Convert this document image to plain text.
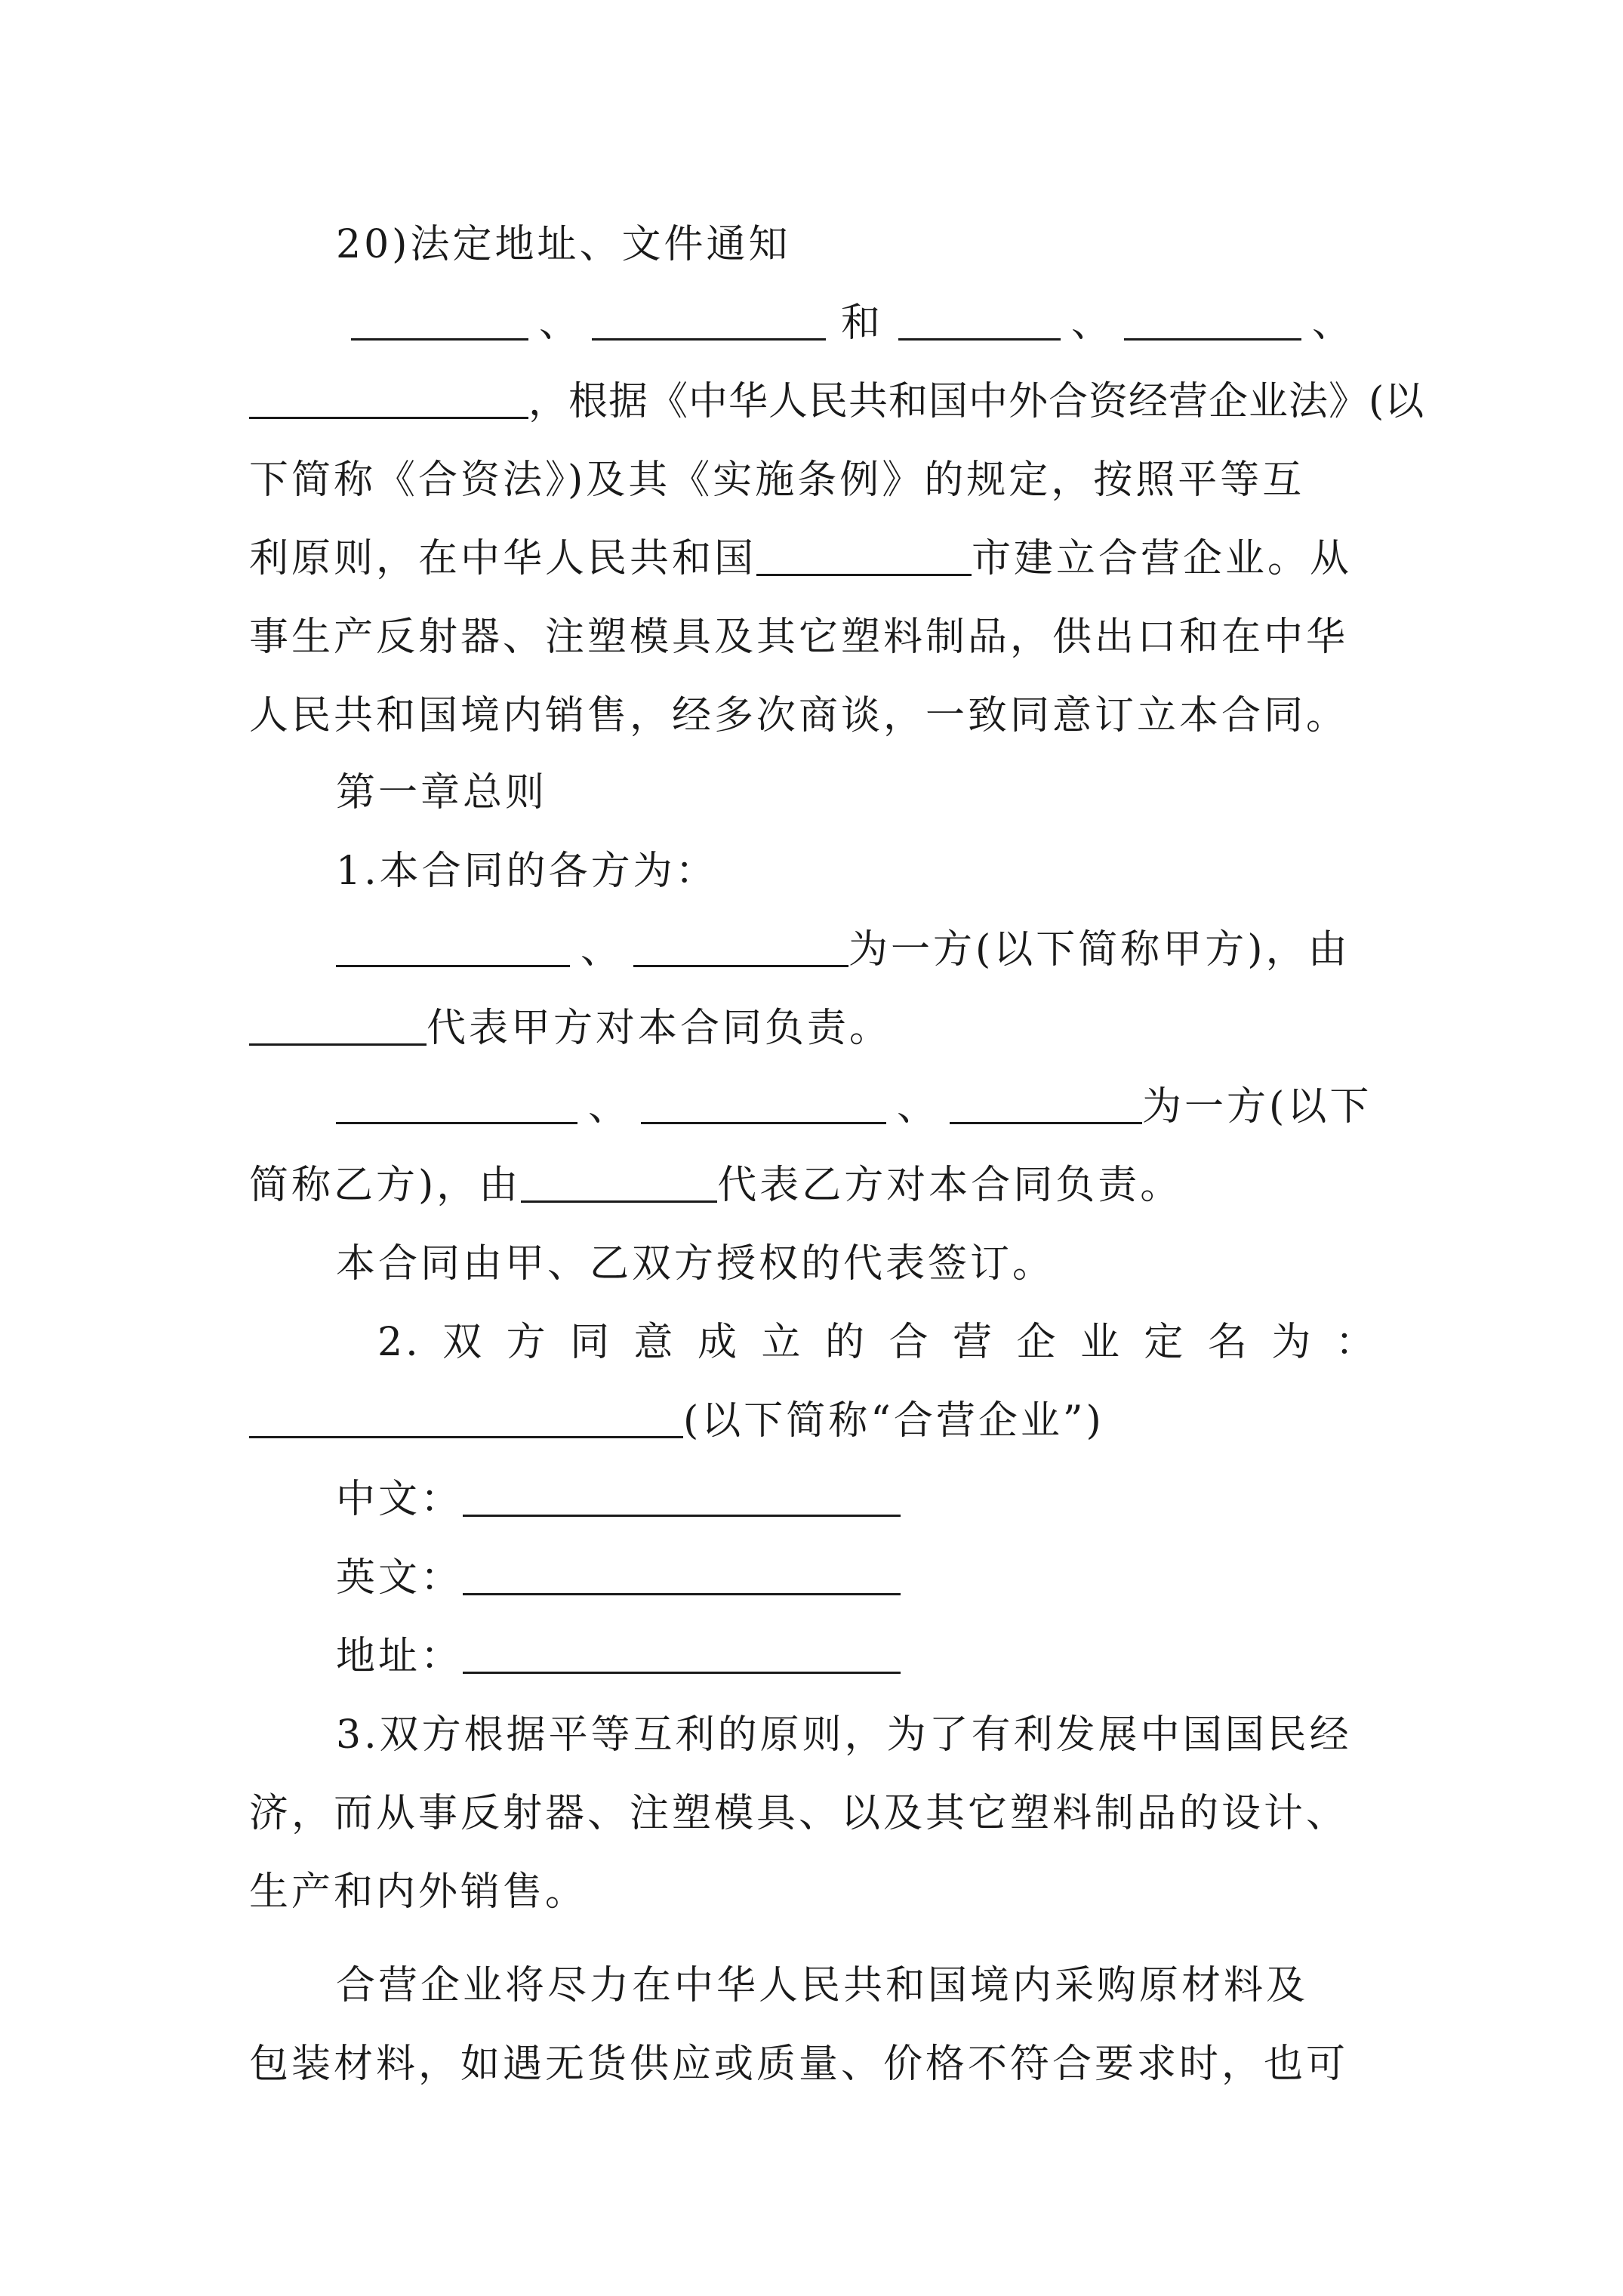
20)法定地址、文件通知
、	和	、	、
，根据《中华人民共和国中外合资经营企业法》(以
下简称《合资法》)及其《实施条例》的规定，按照平等互
利原则，在中华人民共和国	市建立合营企业。从
事生产反射器、注塑模具及其它塑料制品，供出口和在中华
人民共和国境内销售，经多次商谈，一致同意订立本合同。
第一章总则
1.本合同的各方为：
、	为一方(以下简称甲方)，由
代表甲方对本合同负责。
、	、	为一方(以下
简称乙方)，由	代表乙方对本合同负责。
本合同由甲、乙双方授权的代表签订。
2. 双 方 同 意 成 立 的 合 营 企 业 定 名 为 ：
(以下简称“合营企业”)
中文：
英文：
地址：
3.双方根据平等互利的原则，为了有利发展中国国民经
济，而从事反射器、注塑模具、以及其它塑料制品的设计、
生产和内外销售。
合营企业将尽力在中华人民共和国境内采购原材料及
包装材料，如遇无货供应或质量、价格不符合要求时，也可
